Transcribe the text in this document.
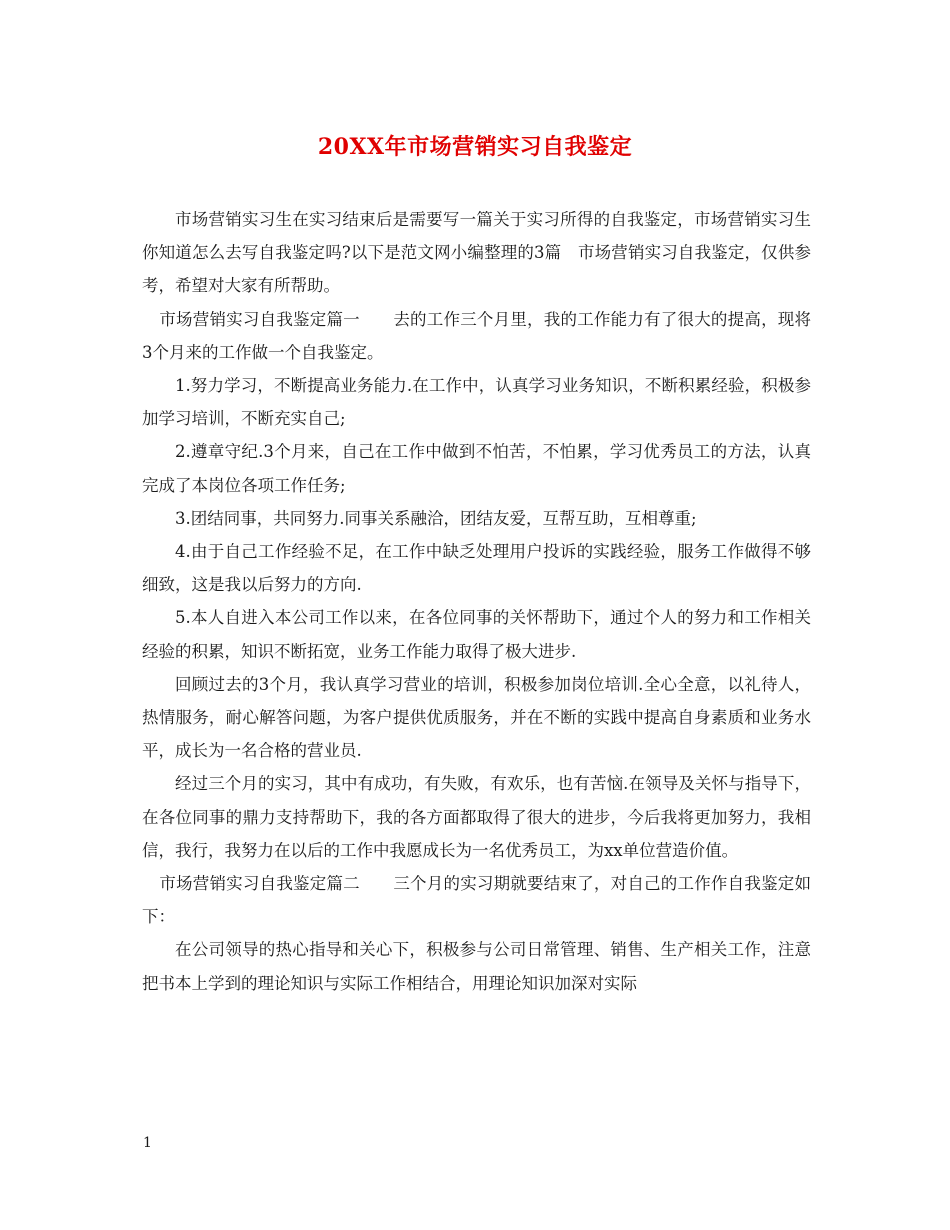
20XX年市场营销实习自我鉴定

市场营销实习生在实习结束后是需要写一篇关于实习所得的自我鉴定，市场营销实习生你知道怎么去写自我鉴定吗?以下是范文网小编整理的3篇　市场营销实习自我鉴定，仅供参考，希望对大家有所帮助。

市场营销实习自我鉴定篇一　　去的工作三个月里，我的工作能力有了很大的提高，现将3个月来的工作做一个自我鉴定。

1.努力学习，不断提高业务能力.在工作中，认真学习业务知识，不断积累经验，积极参加学习培训，不断充实自己;

2.遵章守纪.3个月来，自己在工作中做到不怕苦，不怕累，学习优秀员工的方法，认真完成了本岗位各项工作任务;

3.团结同事，共同努力.同事关系融洽，团结友爱，互帮互助，互相尊重;

4.由于自己工作经验不足，在工作中缺乏处理用户投诉的实践经验，服务工作做得不够细致，这是我以后努力的方向.

5.本人自进入本公司工作以来，在各位同事的关怀帮助下，通过个人的努力和工作相关经验的积累，知识不断拓宽，业务工作能力取得了极大进步.

回顾过去的3个月，我认真学习营业的培训，积极参加岗位培训.全心全意，以礼待人，热情服务，耐心解答问题，为客户提供优质服务，并在不断的实践中提高自身素质和业务水平，成长为一名合格的营业员.

经过三个月的实习，其中有成功，有失败，有欢乐，也有苦恼.在领导及关怀与指导下，在各位同事的鼎力支持帮助下，我的各方面都取得了很大的进步，今后我将更加努力，我相信，我行，我努力在以后的工作中我愿成长为一名优秀员工，为xx单位营造价值。

市场营销实习自我鉴定篇二　　三个月的实习期就要结束了，对自己的工作作自我鉴定如下：

在公司领导的热心指导和关心下，积极参与公司日常管理、销售、生产相关工作，注意把书本上学到的理论知识与实际工作相结合，用理论知识加深对实际

1
